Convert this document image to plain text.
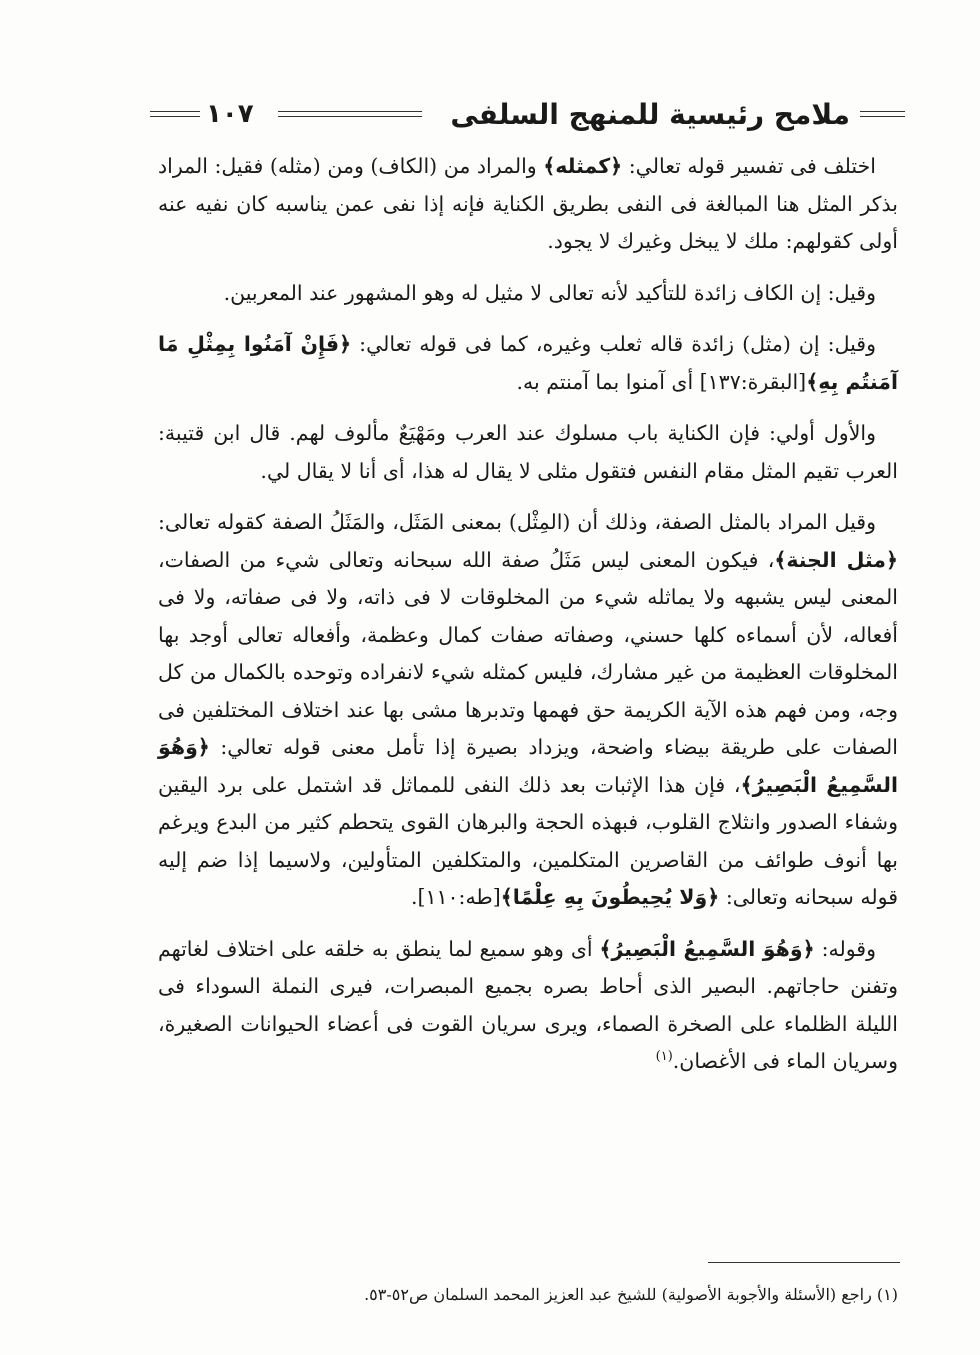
ملامح رئيسية للمنهج السلفى
١٠٧

اختلف فى تفسير قوله تعالي: ﴿كمثله﴾ والمراد من (الكاف) ومن (مثله) فقيل: المراد بذكر المثل هنا المبالغة فى النفى بطريق الكناية فإنه إذا نفى عمن يناسبه كان نفيه عنه أولى كقولهم: ملك لا يبخل وغيرك لا يجود.

وقيل: إن الكاف زائدة للتأكيد لأنه تعالى لا مثيل له وهو المشهور عند المعربين.

وقيل: إن (مثل) زائدة قاله ثعلب وغيره، كما فى قوله تعالي: ﴿فَإِنْ آمَنُوا بِمِثْلِ مَا آمَنتُم بِهِ﴾[البقرة:١٣٧] أى آمنوا بما آمنتم به.

والأول أولي: فإن الكناية باب مسلوك عند العرب ومَهْيَعٌ مألوف لهم. قال ابن قتيبة: العرب تقيم المثل مقام النفس فتقول مثلى لا يقال له هذا، أى أنا لا يقال لي.

وقيل المراد بالمثل الصفة، وذلك أن (المِثْل) بمعنى المَثَل، والمَثَلُ الصفة كقوله تعالى: ﴿مثل الجنة﴾، فيكون المعنى ليس مَثَلُ صفة الله سبحانه وتعالى شيء من الصفات، المعنى ليس يشبهه ولا يماثله شيء من المخلوقات لا فى ذاته، ولا فى صفاته، ولا فى أفعاله، لأن أسماءه كلها حسني، وصفاته صفات كمال وعظمة، وأفعاله تعالى أوجد بها المخلوقات العظيمة من غير مشارك، فليس كمثله شيء لانفراده وتوحده بالكمال من كل وجه، ومن فهم هذه الآية الكريمة حق فهمها وتدبرها مشى بها عند اختلاف المختلفين فى الصفات على طريقة بيضاء واضحة، ويزداد بصيرة إذا تأمل معنى قوله تعالي: ﴿وَهُوَ السَّمِيعُ الْبَصِيرُ﴾، فإن هذا الإثبات بعد ذلك النفى للمماثل قد اشتمل على برد اليقين وشفاء الصدور وانثلاج القلوب، فبهذه الحجة والبرهان القوى يتحطم كثير من البدع ويرغم بها أنوف طوائف من القاصرين المتكلمين، والمتكلفين المتأولين، ولاسيما إذا ضم إليه قوله سبحانه وتعالى: ﴿وَلا يُحِيطُونَ بِهِ عِلْمًا﴾[طه:١١٠].

وقوله: ﴿وَهُوَ السَّمِيعُ الْبَصِيرُ﴾ أى وهو سميع لما ينطق به خلقه على اختلاف لغاتهم وتفنن حاجاتهم. البصير الذى أحاط بصره بجميع المبصرات، فيرى النملة السوداء فى الليلة الظلماء على الصخرة الصماء، ويرى سريان القوت فى أعضاء الحيوانات الصغيرة، وسريان الماء فى الأغصان.$^{(١)}$

(١) راجع (الأسئلة والأجوبة الأصولية) للشيخ عبد العزيز المحمد السلمان ص٥٢-٥٣.
